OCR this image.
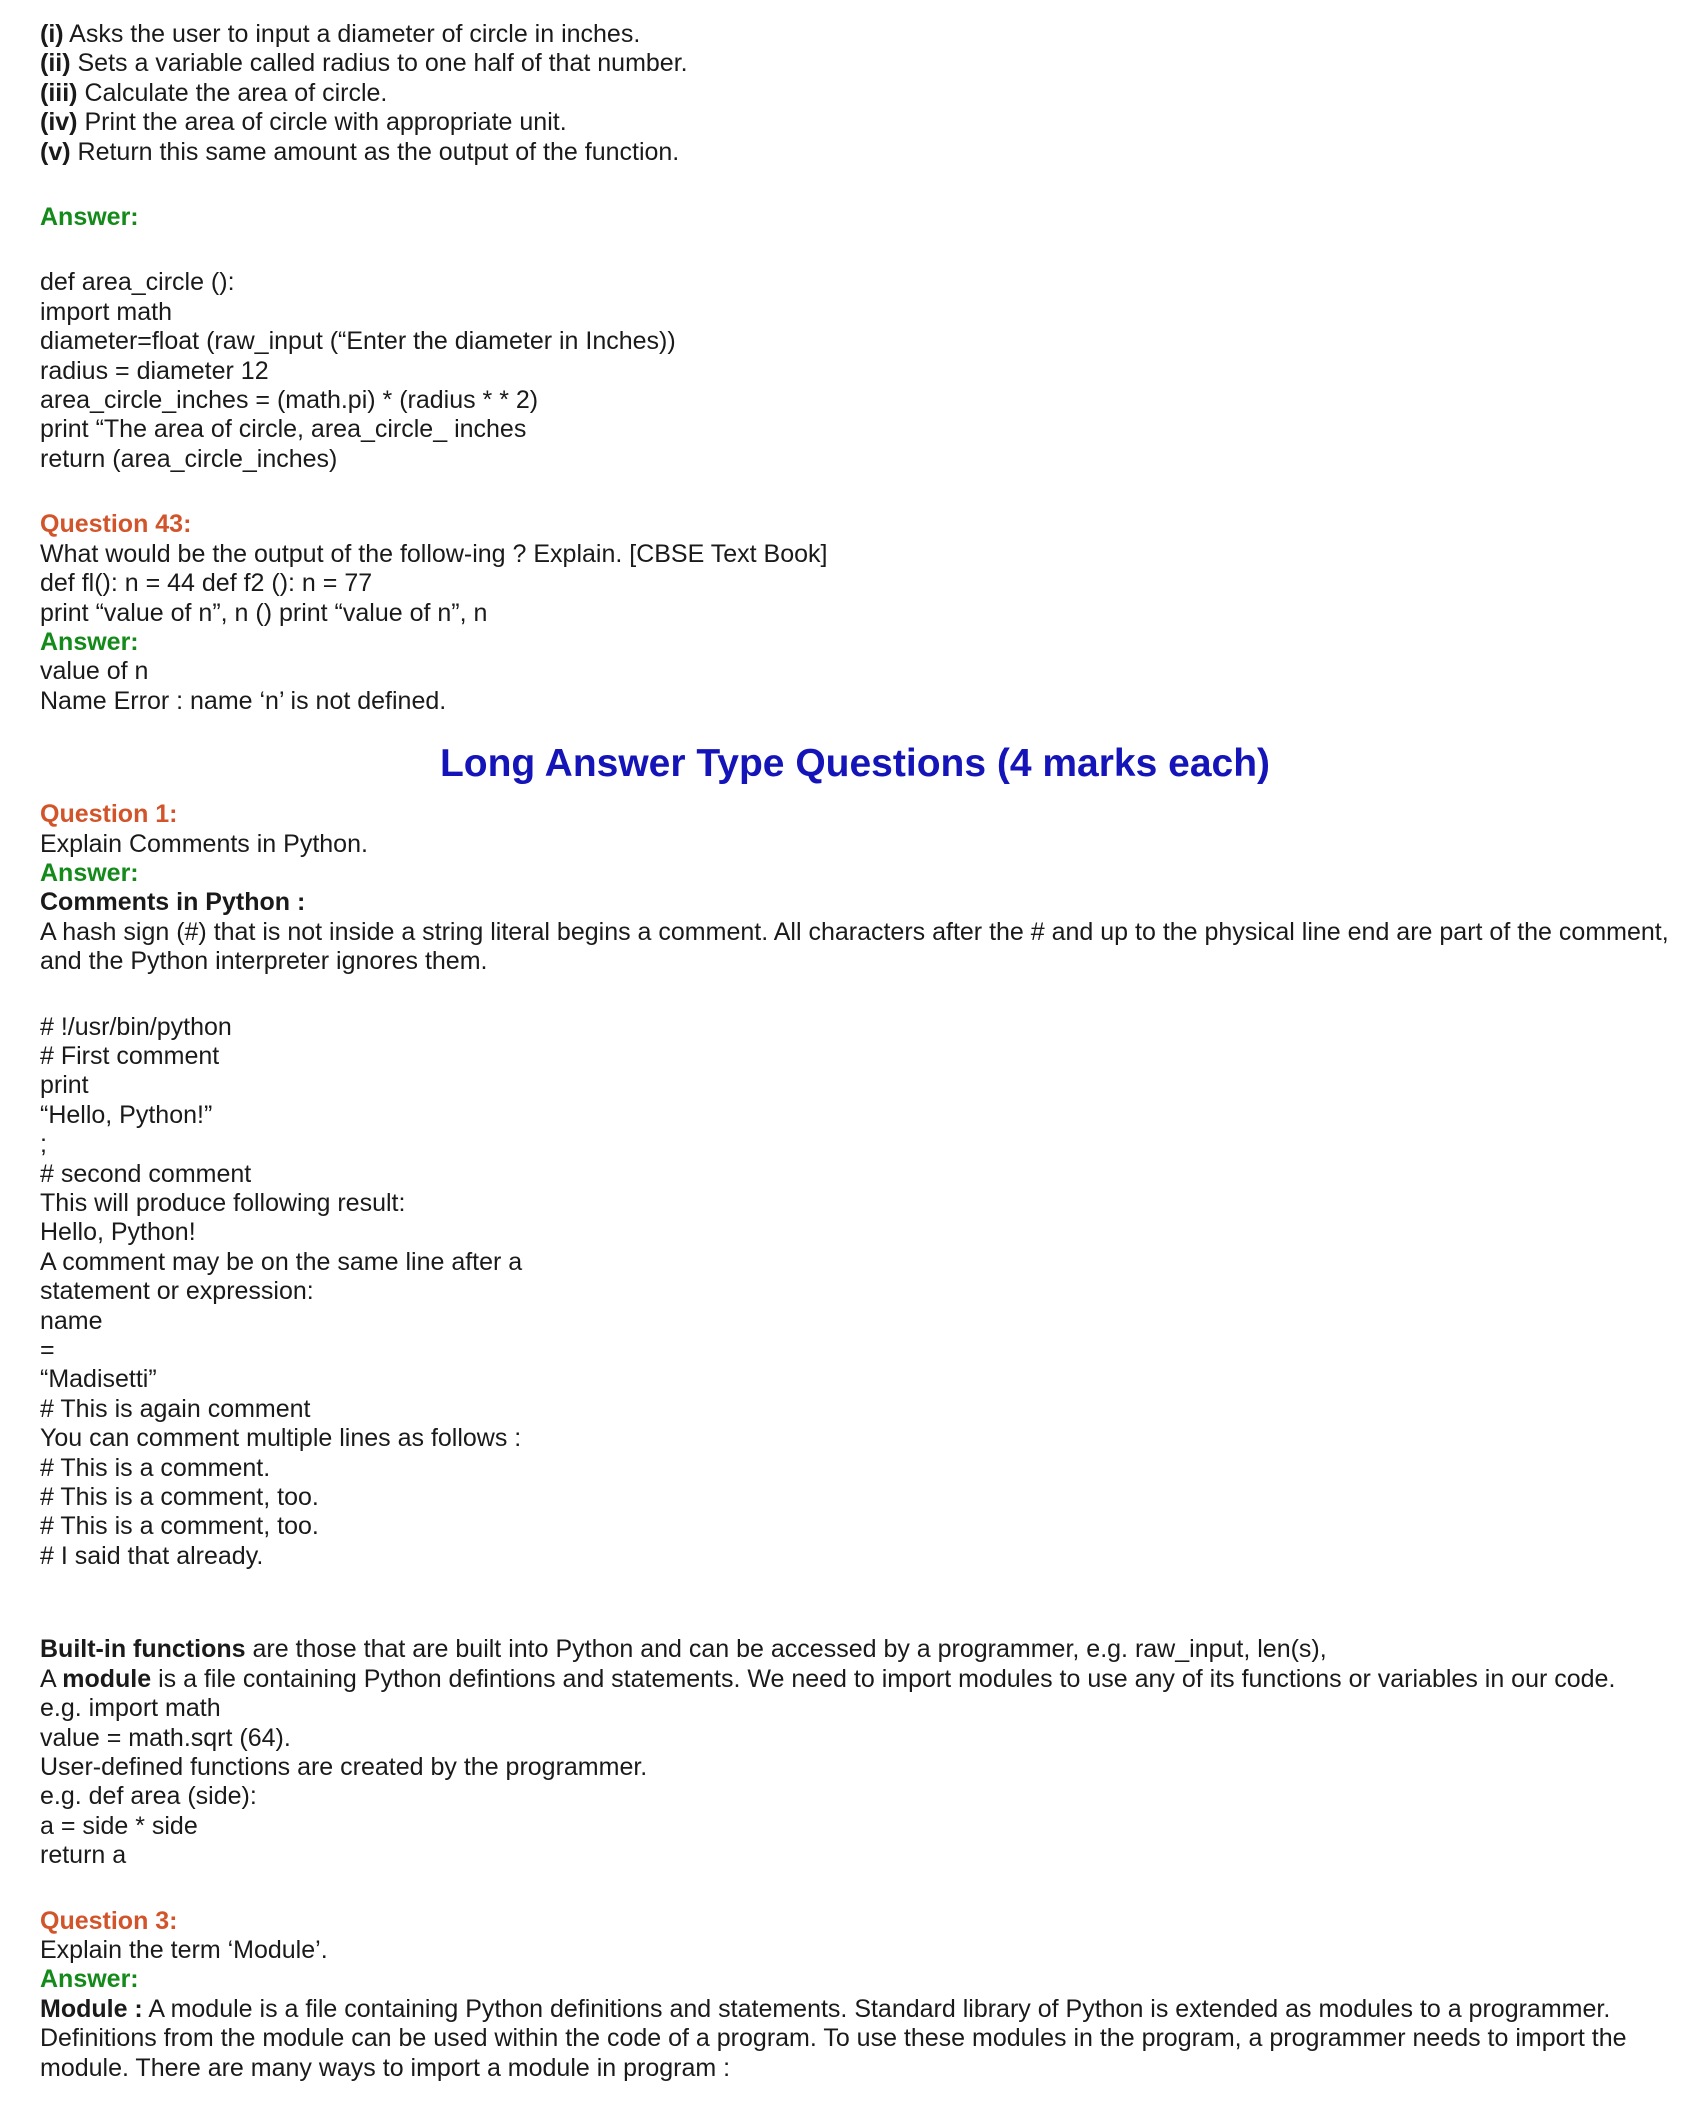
(i) Asks the user to input a diameter of circle in inches.

(ii) Sets a variable called radius to one half of that number.

(iii) Calculate the area of circle.

(iv) Print the area of circle with appropriate unit.

(v) Return this same amount as the output of the function.

Answer:

def area_circle ():

import math

diameter=float (raw_input (“Enter the diameter in Inches))

radius = diameter 12

area_circle_inches = (math.pi) * (radius * * 2)

print “The area of circle, area_circle_ inches

return (area_circle_inches)

Question 43:

What would be the output of the follow-ing ? Explain. [CBSE Text Book]

def fl(): n = 44 def f2 (): n = 77

print “value of n”, n () print “value of n”, n

Answer:

value of n

Name Error : name ‘n’ is not defined.

Long Answer Type Questions (4 marks each)

Question 1:

Explain Comments in Python.

Answer:

Comments in Python :

A hash sign (#) that is not inside a string literal begins a comment. All characters after the # and up to the physical line end are part of the comment, and the Python interpreter ignores them.

# !/usr/bin/python

# First comment

print

“Hello, Python!”

;

# second comment

This will produce following result:

Hello, Python!

A comment may be on the same line after a

statement or expression:

name

=

“Madisetti”

# This is again comment

You can comment multiple lines as follows :

# This is a comment.

# This is a comment, too.

# This is a comment, too.

# I said that already.

Built-in functions are those that are built into Python and can be accessed by a programmer, e.g. raw_input, len(s),

A module is a file containing Python defintions and statements. We need to import modules to use any of its functions or variables in our code.

e.g. import math

value = math.sqrt (64).

User-defined functions are created by the programmer.

e.g. def area (side):

a = side * side

return a

Question 3:

Explain the term ‘Module’.

Answer:

Module : A module is a file containing Python definitions and statements. Standard library of Python is extended as modules to a programmer. Definitions from the module can be used within the code of a program. To use these modules in the program, a programmer needs to import the module. There are many ways to import a module in program :
